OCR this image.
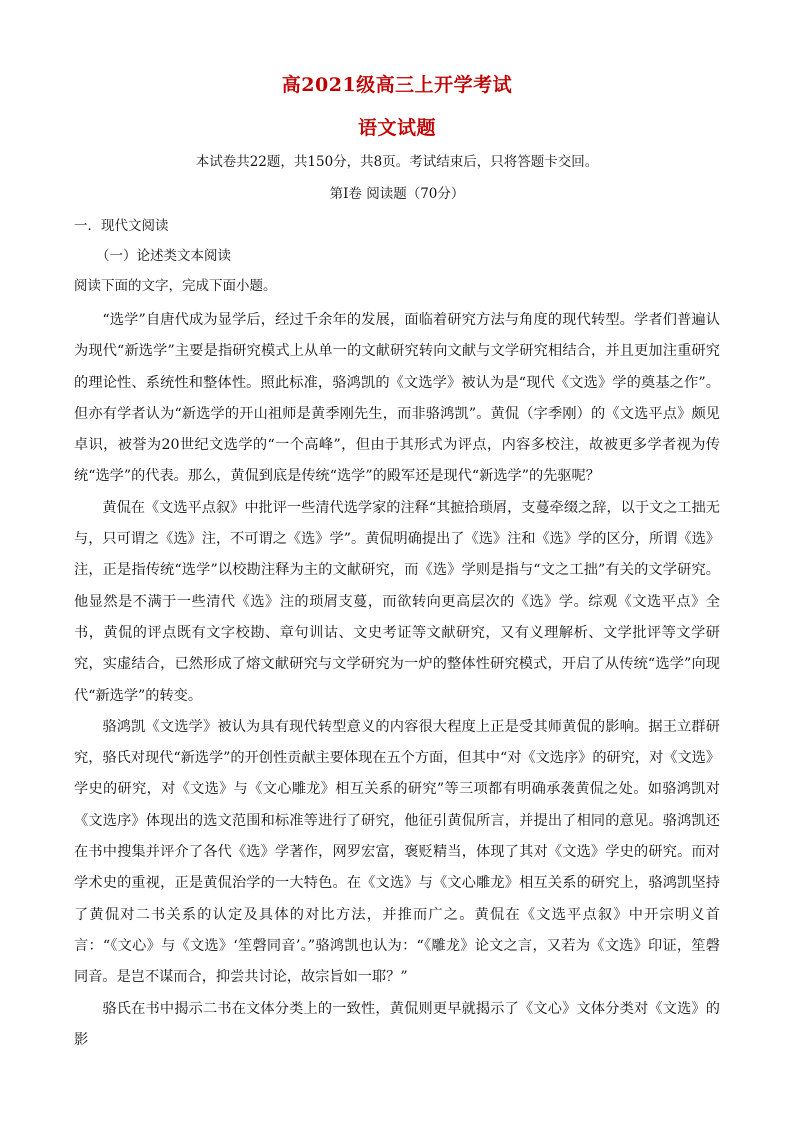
高2021级高三上开学考试
语文试题
本试卷共22题，共150分，共8页。考试结束后，只将答题卡交回。
第Ⅰ卷 阅读题（70分）
一．现代文阅读
（一）论述类文本阅读
阅读下面的文字，完成下面小题。

“选学”自唐代成为显学后，经过千余年的发展，面临着研究方法与角度的现代转型。学者们普遍认为现代“新选学”主要是指研究模式上从单一的文献研究转向文献与文学研究相结合，并且更加注重研究的理论性、系统性和整体性。照此标准，骆鸿凯的《文选学》被认为是“现代《文选》学的奠基之作”。但亦有学者认为“新选学的开山祖师是黄季刚先生，而非骆鸿凯”。黄侃（字季刚）的《文选平点》颇见卓识，被誉为20世纪文选学的“一个高峰”，但由于其形式为评点，内容多校注，故被更多学者视为传统“选学”的代表。那么，黄侃到底是传统“选学”的殿军还是现代“新选学”的先驱呢？

黄侃在《文选平点叙》中批评一些清代选学家的注释“其摭拾琐屑，支蔓牵缀之辞，以于文之工拙无与，只可谓之《选》注，不可谓之《选》学”。黄侃明确提出了《选》注和《选》学的区分，所谓《选》注，正是指传统“选学”以校勘注释为主的文献研究，而《选》学则是指与“文之工拙”有关的文学研究。他显然是不满于一些清代《选》注的琐屑支蔓，而欲转向更高层次的《选》学。综观《文选平点》全书，黄侃的评点既有文字校勘、章句训诂、文史考证等文献研究，又有义理解析、文学批评等文学研究，实虚结合，已然形成了熔文献研究与文学研究为一炉的整体性研究模式，开启了从传统“选学”向现代“新选学”的转变。

骆鸿凯《文选学》被认为具有现代转型意义的内容很大程度上正是受其师黄侃的影响。据王立群研究，骆氏对现代“新选学”的开创性贡献主要体现在五个方面，但其中“对《文选序》的研究，对《文选》学史的研究，对《文选》与《文心雕龙》相互关系的研究”等三项都有明确承袭黄侃之处。如骆鸿凯对《文选序》体现出的选文范围和标准等进行了研究，他征引黄侃所言，并提出了相同的意见。骆鸿凯还在书中搜集并评介了各代《选》学著作，网罗宏富，褒贬精当，体现了其对《文选》学史的研究。而对学术史的重视，正是黄侃治学的一大特色。在《文选》与《文心雕龙》相互关系的研究上，骆鸿凯坚持了黄侃对二书关系的认定及具体的对比方法，并推而广之。黄侃在《文选平点叙》中开宗明义首言：“《文心》与《文选》‘笙磬同音’。”骆鸿凯也认为：“《雕龙》论文之言，又若为《文选》印证，笙磬同音。是岂不谋而合，抑尝共讨论，故宗旨如一耶？”

骆氏在书中揭示二书在文体分类上的一致性，黄侃则更早就揭示了《文心》文体分类对《文选》的影
